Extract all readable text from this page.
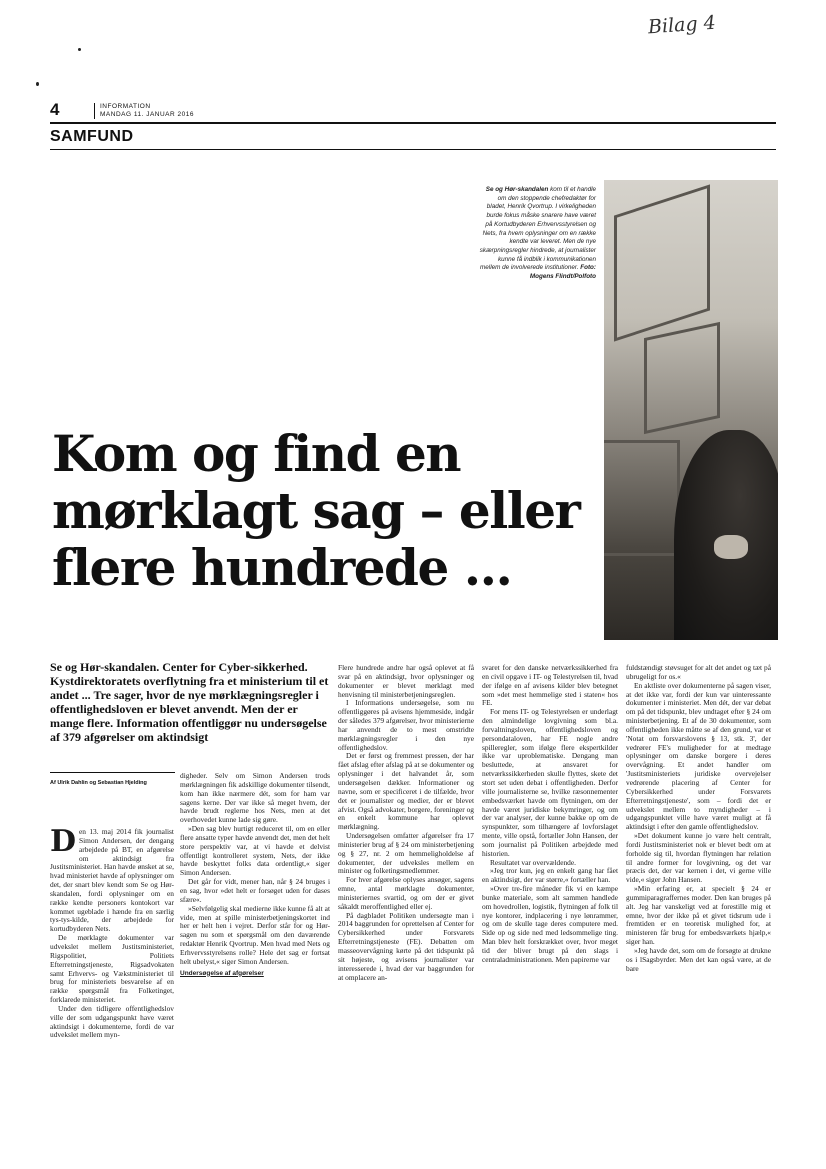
Bilag 4
4	INFORMATION
MANDAG 11. JANUAR 2016
SAMFUND
Se og Hør-skandalen kom til et handle om den stoppende chefredaktør for bladet, Henrik Qvortrup. I virkeligheden burde fokus måske snarere have været på Kortudbyderen Erhvervsstyrelsen og Nets, fra hvem oplysninger om en række kendte var leveret. Men de nye skærpningsregler hindrede, at journalister kunne få indblik i kommunikationen mellem de involverede institutioner. Foto: Mogens Flindt/Polfoto
Kom og find en mørklagt sag – eller flere hundrede ...

Se og Hør-skandalen. Center for Cyber-sikkerhed. Kystdirektoratets overflytning fra et ministerium til et andet ... Tre sager, hvor de nye mørklægningsregler i offentlighedsloven er blevet anvendt. Men der er mange flere. Information offentliggør nu undersøgelse af 379 afgørelser om aktindsigt

Af Ulrik Dahlin og Sebastian Hjelding

Den 13. maj 2014 fik journalist Simon Andersen, der dengang arbejdede på BT, en afgørelse om aktindsigt fra Justitsministeriet. Han havde ønsket at se, hvad ministeriet havde af oplysninger om det, der snart blev kendt som Se og Hør-skandalen, fordi oplysninger om en række kendte personers kontokort var kommet ugeblade i hænde fra en særlig tys-tys-kilde, der arbejdede for kortudbyderen Nets.

De mørklagte dokumenter var udvekslet mellem Justitsministeriet, Rigspolitiet, Politiets Efterretningstjeneste, Rigsadvokaten samt Erhvervs- og Vækstministeriet til brug for ministeriets besvarelse af en række spørgsmål fra Folketinget, forklarede ministeriet.

Under den tidligere offentlighedslov ville der som udgangspunkt have været aktindsigt i dokumenterne, fordi de var udvekslet mellem myn-

digheder. Selv om Simon Andersen trods mørklægningen fik adskillige dokumenter tilsendt, kom han ikke nærmere dét, som for ham var sagens kerne. Der var ikke så meget hvem, der havde brudt reglerne hos Nets, men at det overhovedet kunne lade sig gøre.

»Den sag blev hurtigt reduceret til, om en eller flere ansatte typer havde anvendt det, men det helt store perspektiv var, at vi havde et delvist offentligt kontrolleret system, Nets, der ikke havde beskyttet folks data ordentligt,« siger Simon Andersen.

Det går for vidt, mener han, når § 24 bruges i en sag, hvor »det helt er forsøget uden for dases sfære«.

»Selvfølgelig skal medierne ikke kunne få alt at vide, men at spille ministerbetjeningskortet ind her er helt hen i vejret. Derfor står for og Hør-sagen nu som et spørgsmål om den daværende redaktør Henrik Qvortrup. Men hvad med Nets og Erhvervsstyrelsens rolle? Hele det sag er fortsat helt ubelyst,« siger Simon Andersen.

Undersøgelse af afgørelser

Flere hundrede andre har også oplevet at få svar på en aktindsigt, hvor oplysninger og dokumenter er blevet mørklagt med henvisning til ministerbetjeningsreglen.

I Informations undersøgelse, som nu offentliggøres på avisens hjemmeside, indgår der således 379 afgørelser, hvor ministerierne har anvendt de to mest omstridte mørklægningsregler i den nye offentlighedslov.

Det er først og fremmest pressen, der har fået afslag efter afslag på at se dokumenter og oplysninger i det halvandet år, som undersøgelsen dækker. Informationer og navne, som er specificeret i de tilfælde, hvor det er journalister og medier, der er blevet afvist. Også advokater, borgere, foreninger og en enkelt kommune har oplevet mørklægning.

Undersøgelsen omfatter afgørelser fra 17 ministerier brug af § 24 om ministerbetjening og § 27, nr. 2 om hemmeligholdelse af dokumenter, der udveksles mellem en minister og folketingsmedlemmer.

For hver afgørelse oplyses ansøger, sagens emne, antal mørklagte dokumenter, ministeriernes svartid, og om der er givet såkaldt meroffentlighed eller ej.

På dagbladet Politiken undersøgte man i 2014 baggrunden for oprettelsen af Center for Cybersikkerhed under Forsvarets Efterretningstjeneste (FE). Debatten om masseovervågning kørte på det tidspunkt på sit højeste, og avisens journalister var interesserede i, hvad der var baggrunden for at omplacere an-

svaret for den danske netværkssikkerhed fra en civil opgave i IT- og Telestyrelsen til, hvad der ifølge en af avisens kilder blev betegnet som »det mest hemmelige sted i staten« hos FE.

For mens IT- og Telestyrelsen er underlagt den almindelige lovgivning som bl.a. forvaltningsloven, offentlighedsloven og persondataloven, har FE nogle andre spilleregler, som ifølge flere ekspertkilder ikke var uproblematiske. Dengang man besluttede, at ansvaret for netværkssikkerheden skulle flyttes, skete det stort set uden debat i offentligheden. Derfor ville journalisterne se, hvilke ræsonnementer embedsværket havde om flytningen, om der havde været juridiske bekymringer, og om der var analyser, der kunne bakke op om de synspunkter, som tilhængere af lovforslaget mente, ville opstå, fortæller John Hansen, der som journalist på Politiken arbejdede med historien.

Resultatet var overvældende.

»Jeg tror kun, jeg en enkelt gang har fået en aktindsigt, der var større,« fortæller han.

»Over tre-fire måneder fik vi en kæmpe bunke materiale, som alt sammen handlede om hovedrollen, logistik, flytningen af folk til nye kontorer, indplacering i nye lønrammer, og om de skulle tage deres computere med. Side op og side ned med ledsommelige ting. Man blev helt forskrækket over, hvor meget tid der bliver brugt på den slags i centraladministrationen. Men papirerne var

fuldstændigt støvsuget for alt det andet og tæt på ubrugeligt for os.«

En aktliste over dokumenterne på sagen viser, at det ikke var, fordi der kun var uinteressante dokumenter i ministeriet. Men dét, der var debat om på det tidspunkt, blev undtaget efter § 24 om ministerbetjening. Et af de 30 dokumenter, som offentligheden ikke måtte se af den grund, var et 'Notat om forsvarslovens § 13, stk. 3', der vedrører FE's muligheder for at medtage oplysninger om danske borgere i deres overvågning. Et andet handler om 'Justitsministeriets juridiske overvejelser vedrørende placering af Center for Cybersikkerhed under Forsvarets Efterretningstjeneste', som – fordi det er udvekslet mellem to myndigheder – i udgangspunktet ville have været muligt at få aktindsigt i efter den gamle offentlighedslov.

»Det dokument kunne jo være helt centralt, fordi Justitsministeriet nok er blevet bedt om at forholde sig til, hvordan flytningen har relation til andre former for lovgivning, og det var præcis det, der var kernen i det, vi gerne ville vide,« siger John Hansen.

»Min erfaring er, at specielt § 24 er gummiparagraffernes moder. Den kan bruges på alt. Jeg har vanskeligt ved at forestille mig et emne, hvor der ikke på et givet tidsrum ude i fremtiden er en teoretisk mulighed for, at ministeren får brug for embedsværkets hjælp,« siger han.

»Jeg havde det, som om de forsøgte at drukne os i lSagsbyrder. Men det kan også være, at de bare
